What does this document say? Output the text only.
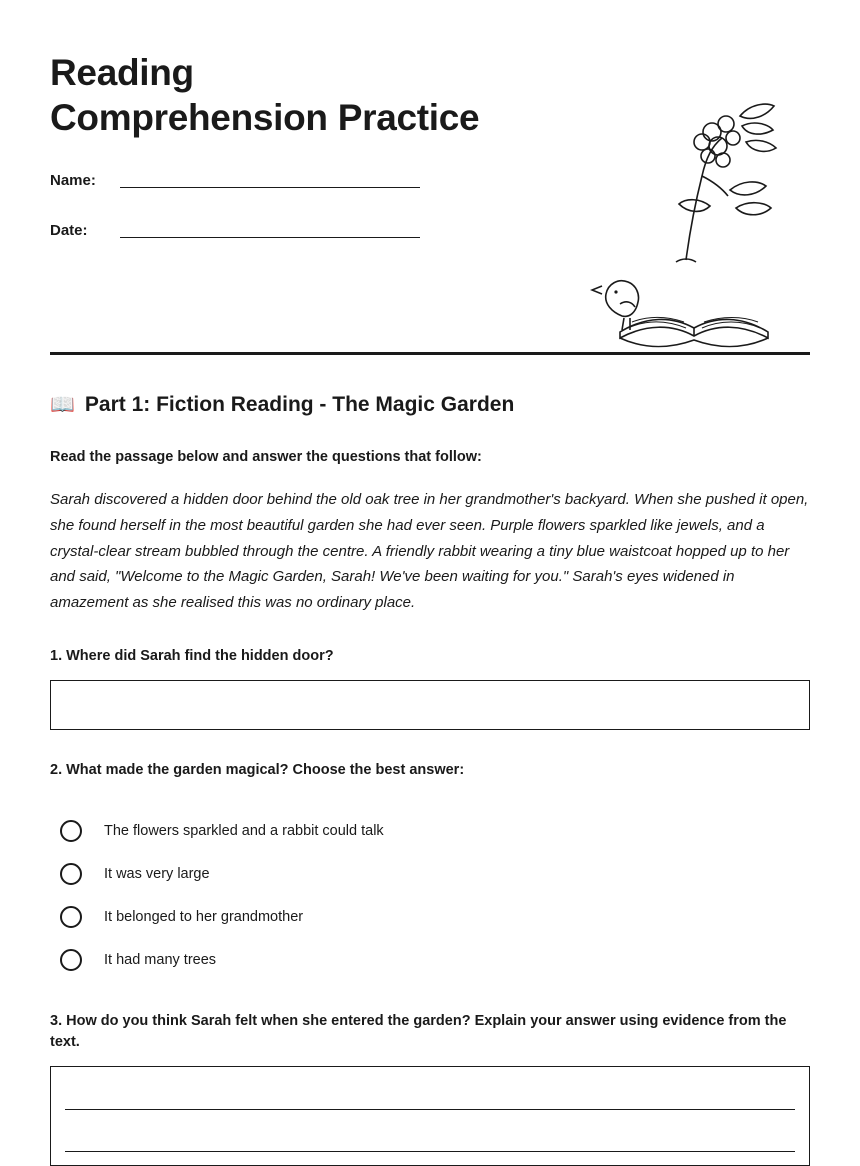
Reading
Comprehension Practice
Name:
Date:
📖 Part 1: Fiction Reading - The Magic Garden

Read the passage below and answer the questions that follow:

Sarah discovered a hidden door behind the old oak tree in her grandmother's backyard. When she pushed it open, she found herself in the most beautiful garden she had ever seen. Purple flowers sparkled like jewels, and a crystal-clear stream bubbled through the centre. A friendly rabbit wearing a tiny blue waistcoat hopped up to her and said, "Welcome to the Magic Garden, Sarah! We've been waiting for you." Sarah's eyes widened in amazement as she realised this was no ordinary place.

1. Where did Sarah find the hidden door?

2. What made the garden magical? Choose the best answer:

The flowers sparkled and a rabbit could talk
It was very large
It belonged to her grandmother
It had many trees

3. How do you think Sarah felt when she entered the garden? Explain your answer using evidence from the text.
